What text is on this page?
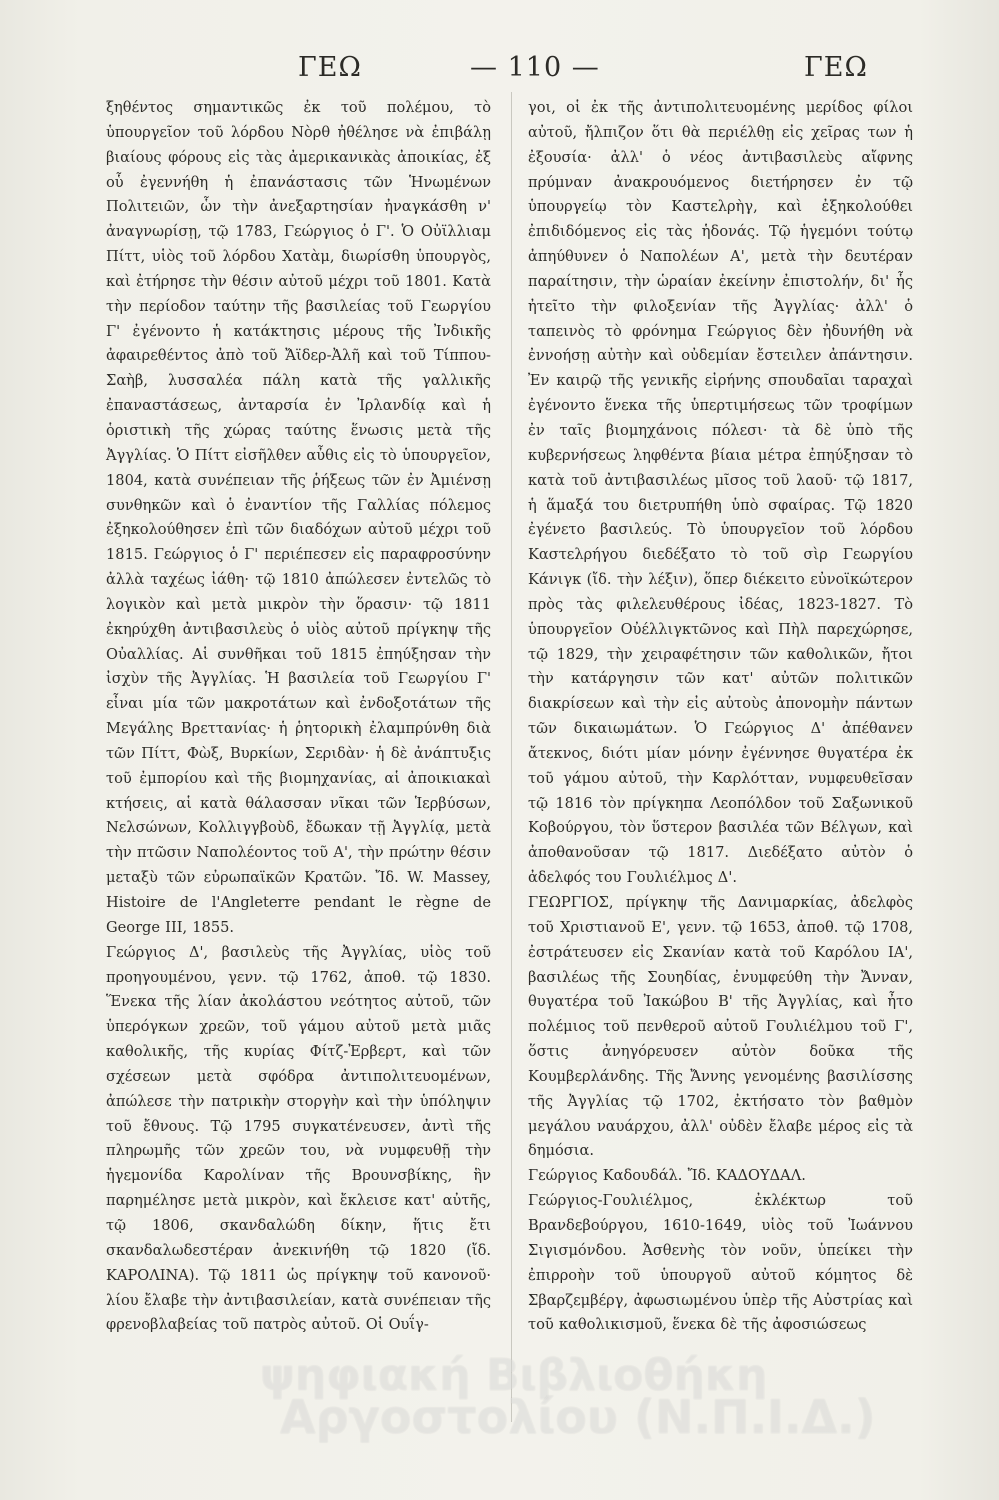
ΓΕΩ	— 110 —	ΓΕΩ

ξηθέντος σημαντικῶς ἐκ τοῦ πολέμου, τὸ ὑπουργεῖον τοῦ λόρδου Νὸρθ ἠθέλησε νὰ ἐπιβάλῃ βιαίους φόρους εἰς τὰς ἀμερικανικὰς ἀποικίας, ἐξ οὗ ἐγεννήθη ἡ ἐπανάστασις τῶν Ἡνωμένων Πολιτειῶν, ὧν τὴν ἀνεξαρτησίαν ἠναγκάσθη ν' ἀναγνωρίσῃ, τῷ 1783, Γεώργιος ὁ Γ'. Ὁ Οὐϊλλιαμ Πίττ, υἱὸς τοῦ λόρδου Χατὰμ, διωρίσθη ὑπουργὸς, καὶ ἐτήρησε τὴν θέσιν αὐτοῦ μέχρι τοῦ 1801. Κατὰ τὴν περίοδον ταύτην τῆς βασιλείας τοῦ Γεωργίου Γ' ἐγένοντο ἡ κατάκτησις μέρους τῆς Ἰνδικῆς ἀφαιρεθέντος ἀπὸ τοῦ Ἄϊδερ-Ἀλῆ καὶ τοῦ Τίππου-Σαὴβ, λυσσαλέα πάλη κατὰ τῆς γαλλικῆς ἐπαναστάσεως, ἀνταρσία ἐν Ἰρλανδίᾳ καὶ ἡ ὁριστικὴ τῆς χώρας ταύτης ἕνωσις μετὰ τῆς Ἀγγλίας. Ὁ Πίττ εἰσῆλθεν αὖθις εἰς τὸ ὑπουργεῖον, 1804, κατὰ συνέπειαν τῆς ῥήξεως τῶν ἐν Ἀμιένσῃ συνθηκῶν καὶ ὁ ἐναντίον τῆς Γαλλίας πόλεμος ἐξηκολούθησεν ἐπὶ τῶν διαδόχων αὐτοῦ μέχρι τοῦ 1815. Γεώργιος ὁ Γ' περιέπεσεν εἰς παραφροσύνην ἀλλὰ ταχέως ἰάθη· τῷ 1810 ἀπώλεσεν ἐντελῶς τὸ λογικὸν καὶ μετὰ μικρὸν τὴν ὅρασιν· τῷ 1811 ἐκηρύχθη ἀντιβασιλεὺς ὁ υἱὸς αὐτοῦ πρίγκηψ τῆς Οὐαλλίας. Αἱ συνθῆκαι τοῦ 1815 ἐπηύξησαν τὴν ἰσχὺν τῆς Ἀγγλίας. Ἡ βασιλεία τοῦ Γεωργίου Γ' εἶναι μία τῶν μακροτάτων καὶ ἐνδοξοτάτων τῆς Μεγάλης Βρεττανίας· ἡ ῥητορικὴ ἐλαμπρύνθη διὰ τῶν Πίττ, Φὼξ, Βυρκίων, Σεριδὰν· ἡ δὲ ἀνάπτυξις τοῦ ἐμπορίου καὶ τῆς βιομηχανίας, αἱ ἀποικιακαὶ κτήσεις, αἱ κατὰ θάλασσαν νῖκαι τῶν Ἱερβύσων, Νελσώνων, Κολλιγγβοὺδ, ἔδωκαν τῇ Ἀγγλίᾳ, μετὰ τὴν πτῶσιν Ναπολέοντος τοῦ Α', τὴν πρώτην θέσιν μεταξὺ τῶν εὐρωπαϊκῶν Κρατῶν. Ἴδ. W. Massey, Histoire de l'Angleterre pendant le règne de George III, 1855.

Γεώργιος Δ', βασιλεὺς τῆς Ἀγγλίας, υἱὸς τοῦ προηγουμένου, γενν. τῷ 1762, ἀποθ. τῷ 1830. Ἕνεκα τῆς λίαν ἀκολάστου νεότητος αὐτοῦ, τῶν ὑπερόγκων χρεῶν, τοῦ γάμου αὐτοῦ μετὰ μιᾶς καθολικῆς, τῆς κυρίας Φίτζ-Ἐρβερτ, καὶ τῶν σχέσεων μετὰ σφόδρα ἀντιπολιτευομένων, ἀπώλεσε τὴν πατρικὴν στοργὴν καὶ τὴν ὑπόληψιν τοῦ ἔθνους. Τῷ 1795 συγκατένευσεν, ἀντὶ τῆς πληρωμῆς τῶν χρεῶν του, νὰ νυμφευθῇ τὴν ἡγεμονίδα Καρολίναν τῆς Βρουνσβίκης, ἣν παρημέλησε μετὰ μικρὸν, καὶ ἔκλεισε κατ' αὐτῆς, τῷ 1806, σκανδαλώδη δίκην, ἥτις ἔτι σκανδαλωδεστέραν ἀνεκινήθη τῷ 1820 (ἴδ. ΚΑΡΟΛΙΝΑ). Τῷ 1811 ὡς πρίγκηψ τοῦ κανονοῦ· λίου ἔλαβε τὴν ἀντιβασιλείαν, κατὰ συνέπειαν τῆς φρενοβλαβείας τοῦ πατρὸς αὐτοῦ. Οἱ Ουΐγ-

γοι, οἱ ἐκ τῆς ἀντιπολιτευομένης μερίδος φίλοι αὐτοῦ, ἤλπιζον ὅτι θὰ περιέλθῃ εἰς χεῖρας των ἡ ἐξουσία· ἀλλ' ὁ νέος ἀντιβασιλεὺς αἴφνης πρύμναν ἀνακρουόμενος διετήρησεν ἐν τῷ ὑπουργείῳ τὸν Καστελρὴγ, καὶ ἐξηκολούθει ἐπιδιδόμενος εἰς τὰς ἡδονάς. Τῷ ἡγεμόνι τούτῳ ἀπηύθυνεν ὁ Ναπολέων Α', μετὰ τὴν δευτέραν παραίτησιν, τὴν ὡραίαν ἐκείνην ἐπιστολήν, δι' ἧς ἠτεῖτο τὴν φιλοξενίαν τῆς Ἀγγλίας· ἀλλ' ὁ ταπεινὸς τὸ φρόνημα Γεώργιος δὲν ἠδυνήθη νὰ ἐννοήσῃ αὐτὴν καὶ οὐδεμίαν ἔστειλεν ἀπάντησιν. Ἐν καιρῷ τῆς γενικῆς εἰρήνης σπουδαῖαι ταραχαὶ ἐγένοντο ἕνεκα τῆς ὑπερτιμήσεως τῶν τροφίμων ἐν ταῖς βιομηχάνοις πόλεσι· τὰ δὲ ὑπὸ τῆς κυβερνήσεως ληφθέντα βίαια μέτρα ἐπηύξησαν τὸ κατὰ τοῦ ἀντιβασιλέως μῖσος τοῦ λαοῦ· τῷ 1817, ἡ ἅμαξά του διετρυπήθη ὑπὸ σφαίρας. Τῷ 1820 ἐγένετο βασιλεύς. Τὸ ὑπουργεῖον τοῦ λόρδου Καστελρήγου διεδέξατο τὸ τοῦ σὶρ Γεωργίου Κάνιγκ (ἴδ. τὴν λέξιν), ὅπερ διέκειτο εὐνοϊκώτερον πρὸς τὰς φιλελευθέρους ἰδέας, 1823-1827. Τὸ ὑπουργεῖον Οὐέλλιγκτῶνος καὶ Πὴλ παρεχώρησε, τῷ 1829, τὴν χειραφέτησιν τῶν καθολικῶν, ἤτοι τὴν κατάργησιν τῶν κατ' αὐτῶν πολιτικῶν διακρίσεων καὶ τὴν εἰς αὐτοὺς ἀπονομὴν πάντων τῶν δικαιωμάτων. Ὁ Γεώργιος Δ' ἀπέθανεν ἄτεκνος, διότι μίαν μόνην ἐγέννησε θυγατέρα ἐκ τοῦ γάμου αὐτοῦ, τὴν Καρλότταν, νυμφευθεῖσαν τῷ 1816 τὸν πρίγκηπα Λεοπόλδον τοῦ Σαξωνικοῦ Κοβούργου, τὸν ὕστερον βασιλέα τῶν Βέλγων, καὶ ἀποθανοῦσαν τῷ 1817. Διεδέξατο αὐτὸν ὁ ἀδελφός του Γουλιέλμος Δ'.

ΓΕΩΡΓΙΟΣ, πρίγκηψ τῆς Δανιμαρκίας, ἀδελφὸς τοῦ Χριστιανοῦ Ε', γενν. τῷ 1653, ἀποθ. τῷ 1708, ἐστράτευσεν εἰς Σκανίαν κατὰ τοῦ Καρόλου ΙΑ', βασιλέως τῆς Σουηδίας, ἐνυμφεύθη τὴν Ἄνναν, θυγατέρα τοῦ Ἰακώβου Β' τῆς Ἀγγλίας, καὶ ἦτο πολέμιος τοῦ πενθεροῦ αὐτοῦ Γουλιέλμου τοῦ Γ', ὅστις ἀνηγόρευσεν αὐτὸν δοῦκα τῆς Κουμβερλάνδης. Τῆς Ἄννης γενομένης βασιλίσσης τῆς Ἀγγλίας τῷ 1702, ἐκτήσατο τὸν βαθμὸν μεγάλου ναυάρχου, ἀλλ' οὐδὲν ἔλαβε μέρος εἰς τὰ δημόσια.

Γεώργιος Καδουδάλ. Ἴδ. ΚΑΔΟΥΔΑΛ.

Γεώργιος-Γουλιέλμος, ἐκλέκτωρ τοῦ Βρανδεβούργου, 1610-1649, υἱὸς τοῦ Ἰωάννου Σιγισμόνδου. Ἀσθενὴς τὸν νοῦν, ὑπείκει τὴν ἐπιρροὴν τοῦ ὑπουργοῦ αὐτοῦ κόμητος δὲ Σβαρζεμβέργ, ἀφωσιωμένου ὑπὲρ τῆς Αὐστρίας καὶ τοῦ καθολικισμοῦ, ἕνεκα δὲ τῆς ἀφοσιώσεως

ψηφιακή Βιβλιοθήκη
Αργοστολίου (Ν.Π.Ι.Δ.)
